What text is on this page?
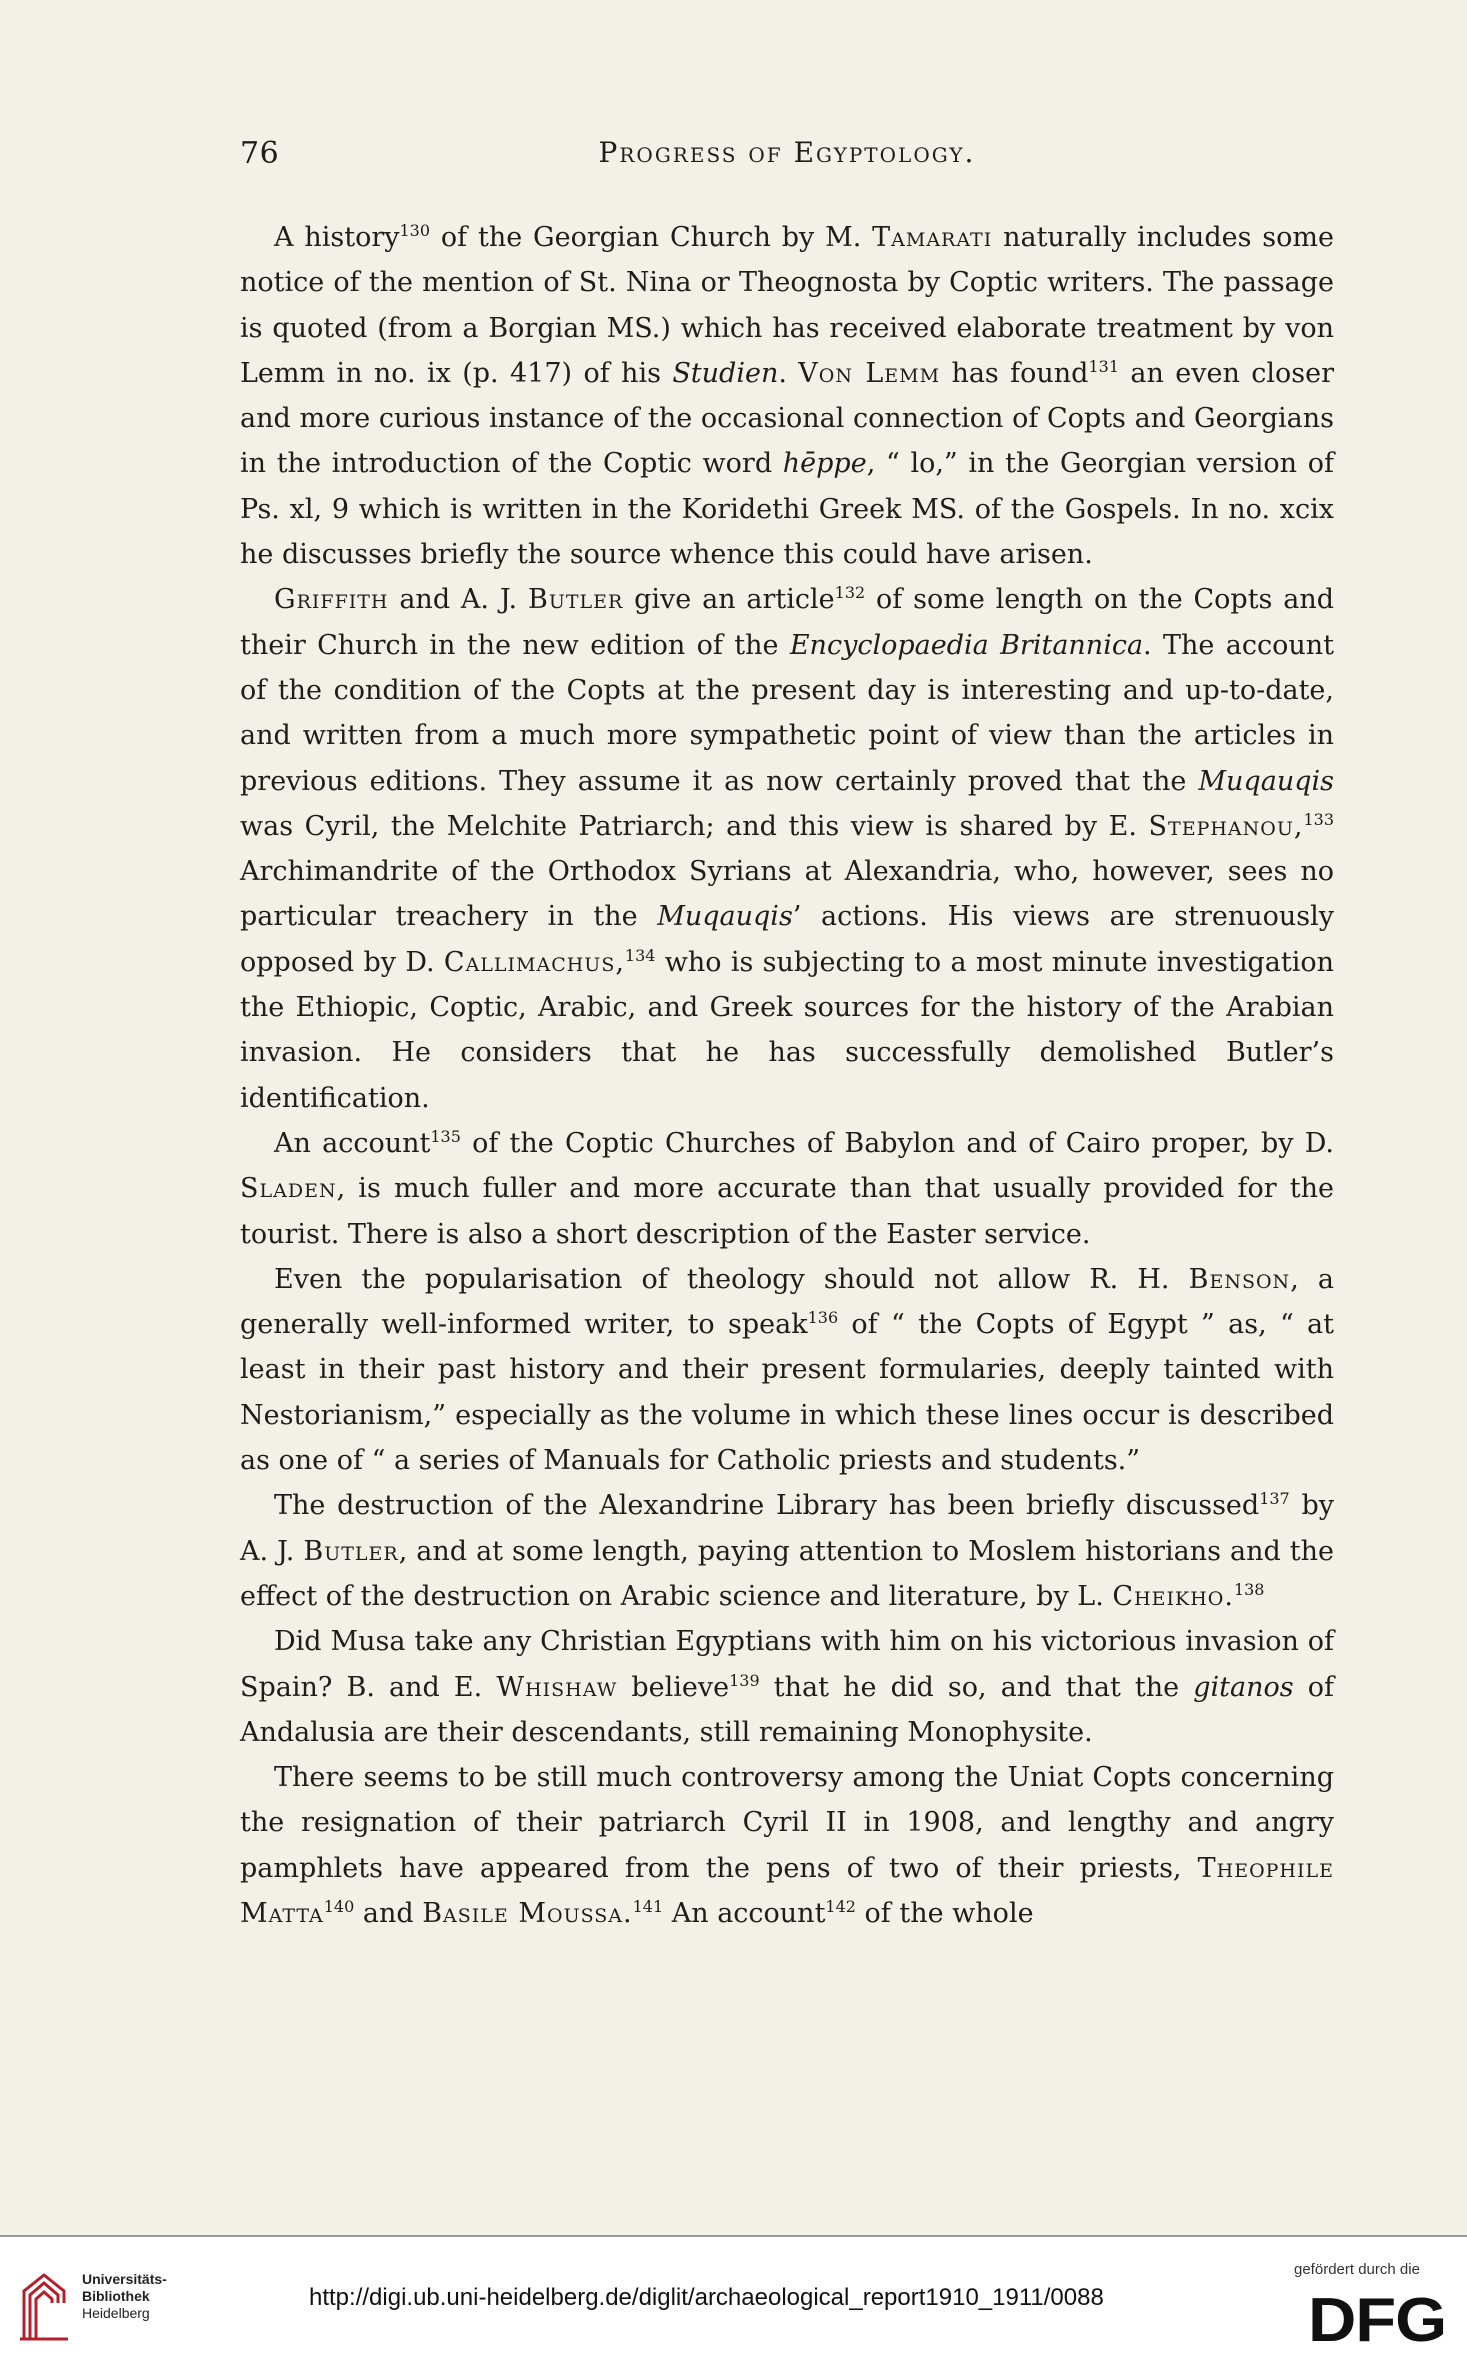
76	Progress of Egyptology.

A history$^{130}$ of the Georgian Church by M. Tamarati naturally includes some notice of the mention of St. Nina or Theognosta by Coptic writers. The passage is quoted (from a Borgian MS.) which has received elaborate treatment by von Lemm in no. ix (p. 417) of his Studien. Von Lemm has found$^{131}$ an even closer and more curious instance of the occasional connection of Copts and Georgians in the introduction of the Coptic word hēppe, “ lo,” in the Georgian version of Ps. xl, 9 which is written in the Koridethi Greek MS. of the Gospels. In no. xcix he discusses briefly the source whence this could have arisen.

Griffith and A. J. Butler give an article$^{132}$ of some length on the Copts and their Church in the new edition of the Encyclopaedia Britannica. The account of the condition of the Copts at the present day is interesting and up-to-date, and written from a much more sympathetic point of view than the articles in previous editions. They assume it as now certainly proved that the Muqauqis was Cyril, the Melchite Patriarch; and this view is shared by E. Stephanou,$^{133}$ Archimandrite of the Orthodox Syrians at Alexandria, who, however, sees no particular treachery in the Muqauqis’ actions. His views are strenuously opposed by D. Callimachus,$^{134}$ who is subjecting to a most minute investigation the Ethiopic, Coptic, Arabic, and Greek sources for the history of the Arabian invasion. He considers that he has successfully demolished Butler’s identification.

An account$^{135}$ of the Coptic Churches of Babylon and of Cairo proper, by D. Sladen, is much fuller and more accurate than that usually provided for the tourist. There is also a short description of the Easter service.

Even the popularisation of theology should not allow R. H. Benson, a generally well-informed writer, to speak$^{136}$ of “ the Copts of Egypt ” as, “ at least in their past history and their present formularies, deeply tainted with Nestorianism,” especially as the volume in which these lines occur is described as one of “ a series of Manuals for Catholic priests and students.”

The destruction of the Alexandrine Library has been briefly discussed$^{137}$ by A. J. Butler, and at some length, paying attention to Moslem historians and the effect of the destruction on Arabic science and literature, by L. Cheikho.$^{138}$

Did Musa take any Christian Egyptians with him on his victorious invasion of Spain? B. and E. Whishaw believe$^{139}$ that he did so, and that the gitanos of Andalusia are their descendants, still remaining Monophysite.

There seems to be still much controversy among the Uniat Copts concerning the resignation of their patriarch Cyril II in 1908, and lengthy and angry pamphlets have appeared from the pens of two of their priests, Theophile Matta$^{140}$ and Basile Moussa.$^{141}$ An account$^{142}$ of the whole

Universitäts-
Bibliothek
Heidelberg
http://digi.ub.uni-heidelberg.de/diglit/archaeological_report1910_1911/0088
gefördert durch die
DFG
